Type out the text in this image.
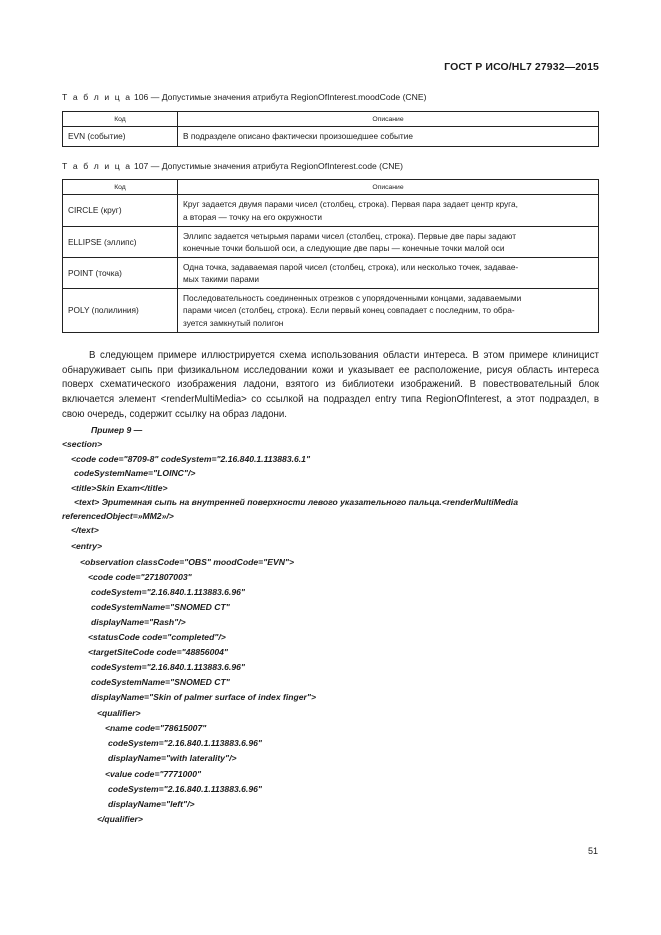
ГОСТ Р ИСО/HL7 27932—2015
Т а б л и ц а 106 — Допустимые значения атрибута RegionOfInterest.moodCode (CNE)
Код	Описание
EVN (событие)	В подразделе описано фактически произошедшее событие
Т а б л и ц а 107 — Допустимые значения атрибута RegionOfInterest.code (CNE)
Код	Описание
CIRCLE (круг)	Круг задается двумя парами чисел (столбец, строка). Первая пара задает центр круга,
а вторая — точку на его окружности

ELLIPSE (эллипс)	Эллипс задается четырьмя парами чисел (столбец, строка). Первые две пары задают
конечные точки большой оси, а следующие две пары — конечные точки малой оси

POINT (точка)	Одна точка, задаваемая парой чисел (столбец, строка), или несколько точек, задавае-
мых такими парами

POLY (полилиния)	Последовательность соединенных отрезков с упорядоченными концами, задаваемыми
парами чисел (столбец, строка). Если первый конец совпадает с последним, то обра-
зуется замкнутый полигон
В следующем примере иллюстрируется схема использования области интереса. В этом примере клиницист обнаруживает сыпь при физикальном исследовании кожи и указывает ее расположение, рисуя область интереса поверх схематического изображения ладони, взятого из библиотеки изображений. В повествовательный блок включается элемент <renderMultiMedia> со ссылкой на подраздел entry типа RegionOfInterest, а этот подраздел, в свою очередь, содержит ссылку на образ ладони.
Пример 9 —
<section>
<code code="8709-8" codeSystem="2.16.840.1.113883.6.1"
codeSystemName="LOINC"/>
<title>Skin Exam</title>
<text> Эритемная сыпь на внутренней поверхности левого указательного пальца.<renderMultiMedia
referencedObject=»MM2»/>
</text>
<entry>
<observation classCode="OBS" moodCode="EVN">
<code code="271807003"
codeSystem="2.16.840.1.113883.6.96"
codeSystemName="SNOMED CT"
displayName="Rash"/>
<statusCode code="completed"/>
<targetSiteCode code="48856004"
codeSystem="2.16.840.1.113883.6.96"
codeSystemName="SNOMED CT"
displayName="Skin of palmer surface of index finger">
<qualifier>
<name code="78615007"
codeSystem="2.16.840.1.113883.6.96"
displayName="with laterality"/>
<value code="7771000"
codeSystem="2.16.840.1.113883.6.96"
displayName="left"/>
</qualifier>
51
